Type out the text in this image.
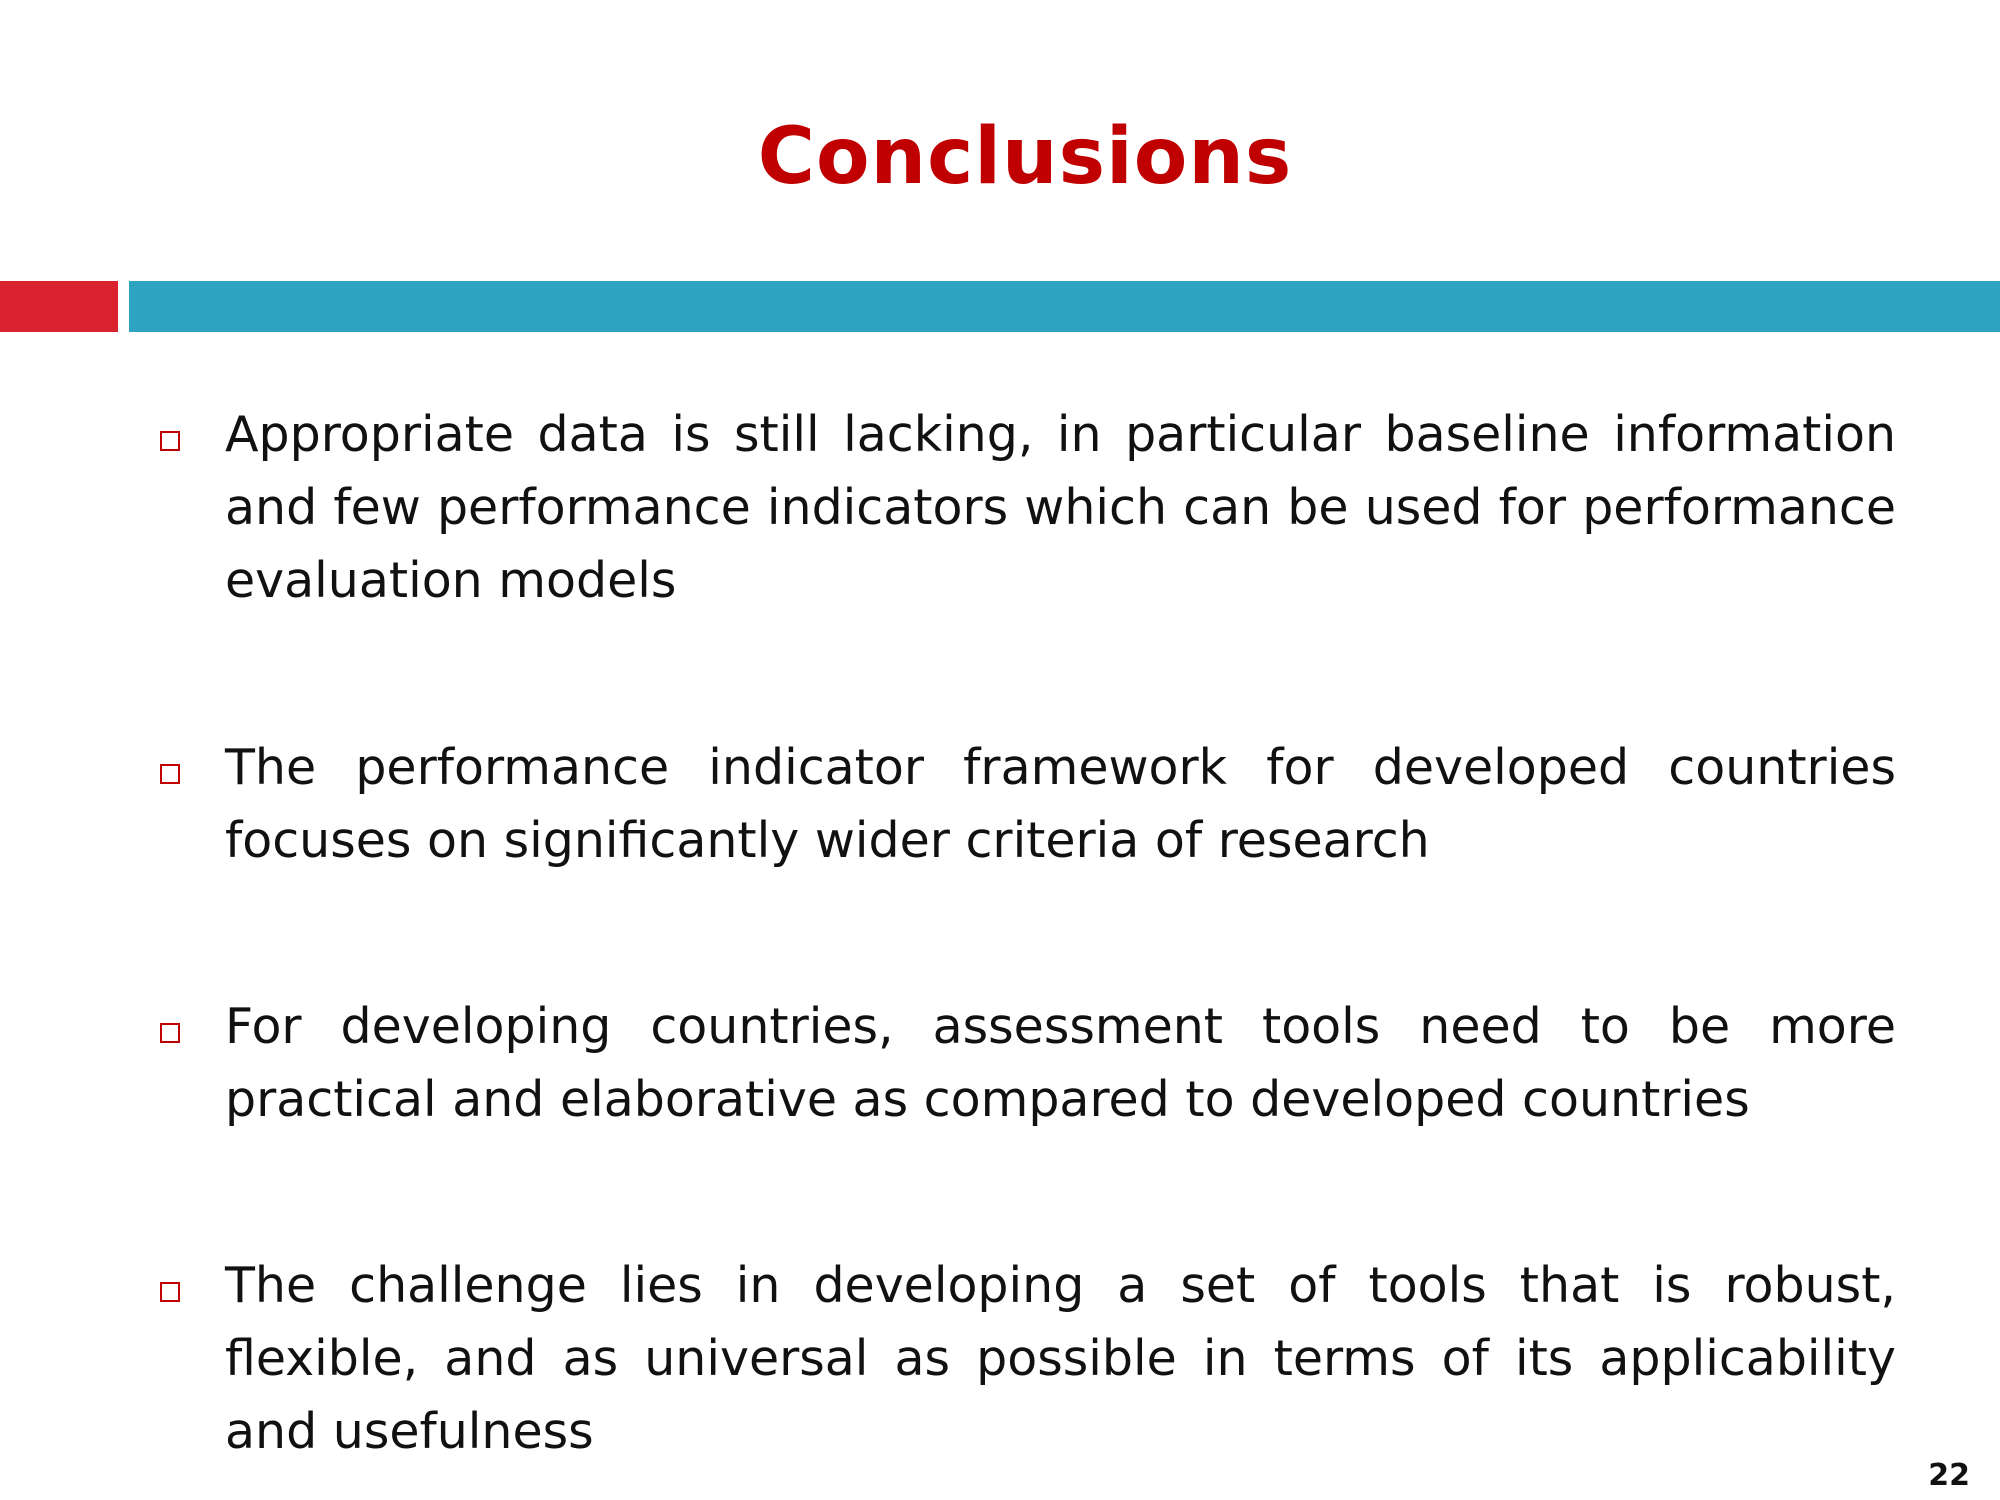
Conclusions

Appropriate data is still lacking, in particular baseline information and few performance indicators which can be used for performance evaluation models

The performance indicator framework for developed countries focuses on significantly wider criteria of research

For developing countries, assessment tools need to be more practical and elaborative as compared to developed countries

The challenge lies in developing a set of tools that is robust, flexible, and as universal as possible in terms of its applicability and usefulness

22
